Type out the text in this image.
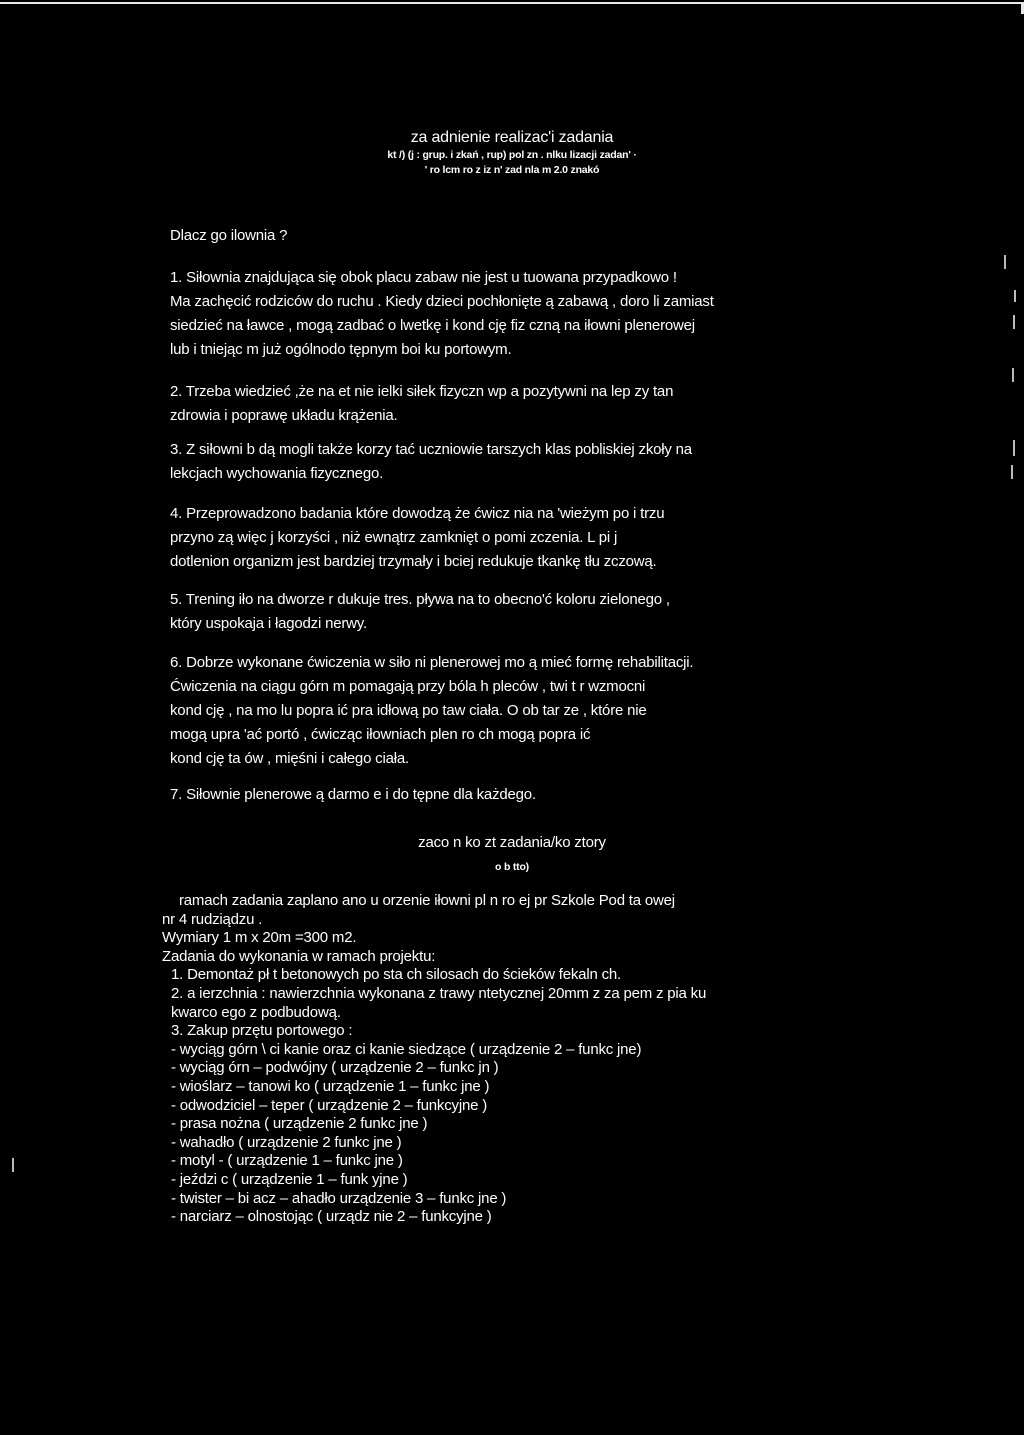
za adnienie realizac'i zadania
kt /) (j : grup. i zkań , rup) pol zn . nlku lizacji zadan' ·
' ro lcm ro z iz n' zad nla m 2.0 znakó
Dlacz go ilownia ?
1. Siłownia znajdująca się obok placu zabaw nie jest u tuowana przypadkowo !
Ma zachęcić rodziców do ruchu . Kiedy dzieci pochłonięte ą zabawą , doro li zamiast
siedzieć na ławce , mogą zadbać o lwetkę i kond cję fiz czną na iłowni plenerowej
lub i tniejąc m już ogólnodo tępnym boi ku portowym.
2. Trzeba wiedzieć ,że na et nie ielki siłek fizyczn wp a pozytywni na lep zy tan
zdrowia i poprawę układu krążenia.
3. Z siłowni b dą mogli także korzy tać uczniowie tarszych klas pobliskiej zkoły na
lekcjach wychowania fizycznego.
4. Przeprowadzono badania które dowodzą że ćwicz nia na 'wieżym po i trzu
przyno zą więc j korzyści , niż ewnątrz zamknięt o pomi zczenia. L pi j
dotlenion organizm jest bardziej trzymały i bciej redukuje tkankę tłu zczową.
5. Trening iło na dworze r dukuje tres. pływa na to obecno'ć koloru zielonego ,
który uspokaja i łagodzi nerwy.
6. Dobrze wykonane ćwiczenia w siło ni plenerowej mo ą mieć formę rehabilitacji.
Ćwiczenia na ciągu górn m pomagają przy bóla h pleców , twi t r wzmocni
kond cję , na mo lu popra ić pra idłową po taw ciała. O ob tar ze , które nie
mogą upra 'ać portó , ćwicząc iłowniach plen ro ch mogą popra ić
kond cję ta ów , mięśni i całego ciała.
7. Siłownie plenerowe ą darmo e i do tępne dla każdego.
zaco n ko zt zadania/ko ztory
o b tto)
ramach zadania zaplano ano u orzenie iłowni pl n ro ej pr Szkole Pod ta owej
nr 4 rudziądzu .
Wymiary 1 m x 20m =300 m2.
Zadania do wykonania w ramach projektu:
1. Demontaż pł t betonowych po sta ch silosach do ścieków fekaln ch.
2. a ierzchnia : nawierzchnia wykonana z trawy ntetycznej 20mm z za pem z pia ku
kwarco ego z podbudową.
3. Zakup przętu portowego :
- wyciąg górn \ ci kanie oraz ci kanie siedzące ( urządzenie 2 – funkc jne)
- wyciąg órn – podwójny ( urządzenie 2 – funkc jn )
- wioślarz – tanowi ko ( urządzenie 1 – funkc jne )
- odwodziciel – teper ( urządzenie 2 – funkcyjne )
- prasa nożna ( urządzenie 2 funkc jne )
- wahadło ( urządzenie 2 funkc jne )
- motyl - ( urządzenie 1 – funkc jne )
- jeździ c ( urządzenie 1 – funk yjne )
- twister – bi acz – ahadło urządzenie 3 – funkc jne )
- narciarz – olnostojąc ( urządz nie 2 – funkcyjne )
